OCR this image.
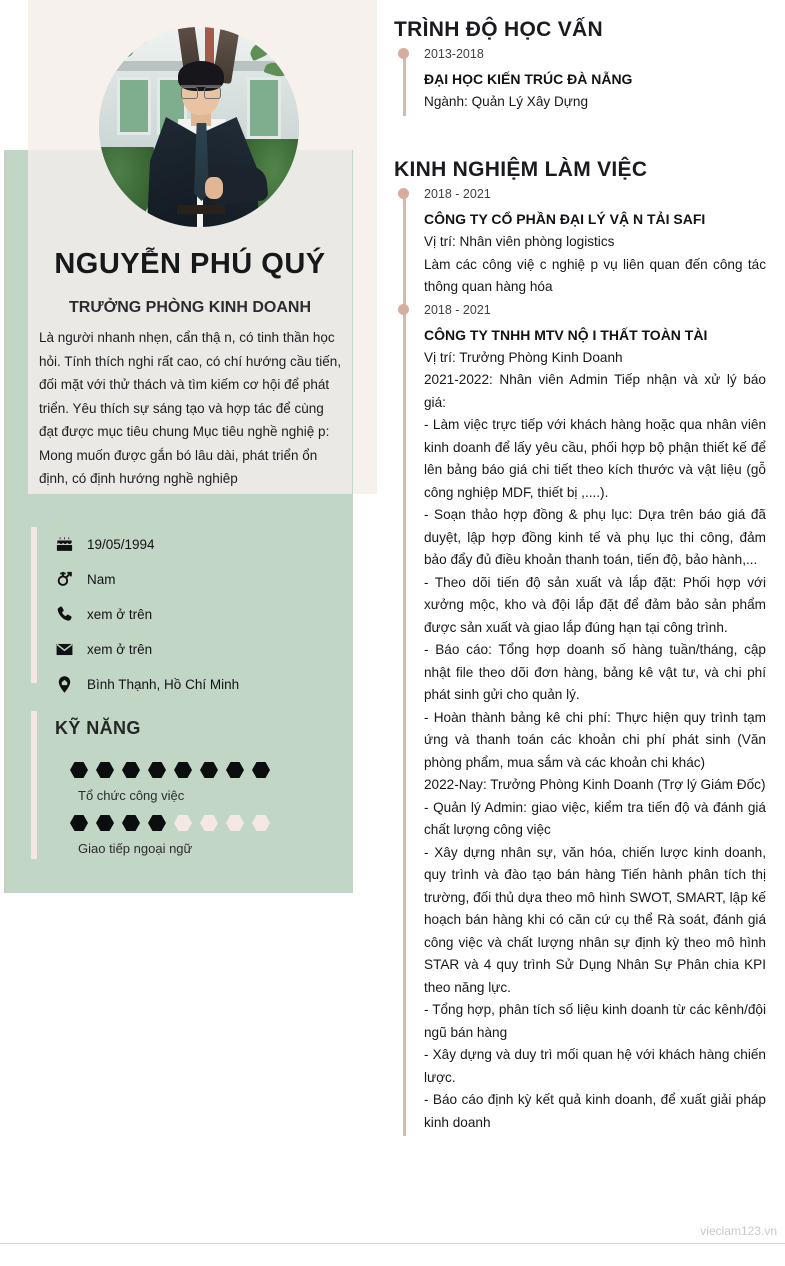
NGUYỄN PHÚ QUÝ
TRƯỞNG PHÒNG KINH DOANH
Là người nhanh nhẹn, cẩn thậ n, có tinh thần học hỏi. Tính thích nghi rất cao, có chí hướng cầu tiến, đối mặt với thử thách và tìm kiếm cơ hội để phát triển. Yêu thích sự sáng tạo và hợp tác để cùng đạt được mục tiêu chung Mục tiêu nghề nghiệ p: Mong muốn được gắn bó lâu dài, phát triển ổn định, có định hướng nghề nghiêp
19/05/1994
Nam
xem ở trên
xem ở trên
Bình Thạnh, Hồ Chí Minh
KỸ NĂNG
Tổ chức công việc
Giao tiếp ngoại ngữ
TRÌNH ĐỘ HỌC VẤN
2013-2018
ĐẠI HỌC KIẾN TRÚC ĐÀ NẴNG

Ngành: Quản Lý Xây Dựng

KINH NGHIỆM LÀM VIỆC
2018 - 2021
CÔNG TY CỔ PHẦN ĐẠI LÝ VẬ N TẢI SAFI

Vị trí: Nhân viên phòng logistics

Làm các công việ c nghiệ p vụ liên quan đến công tác thông quan hàng hóa

2018 - 2021
CÔNG TY TNHH MTV NỘ I THẤT TOÀN TÀI

Vị trí: Trưởng Phòng Kinh Doanh

2021-2022: Nhân viên Admin Tiếp nhận và xử lý báo giá:

- Làm việc trực tiếp với khách hàng hoặc qua nhân viên kinh doanh để lấy yêu cầu, phối hợp bộ phận thiết kế để lên bảng báo giá chi tiết theo kích thước và vật liệu (gỗ công nghiệp MDF, thiết bị ,....).

- Soạn thảo hợp đồng & phụ lục: Dựa trên báo giá đã duyệt, lập hợp đồng kinh tế và phụ lục thi công, đảm bảo đẩy đủ điều khoản thanh toán, tiến độ, bảo hành,...

- Theo dõi tiến độ sản xuất và lắp đặt: Phối hợp với xưởng mộc, kho và đội lắp đặt để đảm bảo sản phẩm được sản xuất và giao lắp đúng hạn tại công trình.

- Báo cáo: Tổng hợp doanh số hàng tuần/tháng, cập nhật file theo dõi đơn hàng, bảng kê vật tư, và chi phí phát sinh gửi cho quản lý.

- Hoàn thành bảng kê chi phí: Thực hiện quy trình tạm ứng và thanh toán các khoản chi phí phát sinh (Văn phòng phẩm, mua sắm và các khoản chi khác)

2022-Nay: Trưởng Phòng Kinh Doanh (Trợ lý Giám Đốc)

- Quản lý Admin: giao việc, kiểm tra tiến độ và đánh giá chất lượng công việc

- Xây dựng nhân sự, văn hóa, chiến lược kinh doanh, quy trình và đào tạo bán hàng Tiến hành phân tích thị trường, đối thủ dựa theo mô hình SWOT, SMART, lập kế hoạch bán hàng khi có căn cứ cụ thể Rà soát, đánh giá công việc và chất lượng nhân sự định kỳ theo mô hình STAR và 4 quy trình Sử Dụng Nhân Sự Phân chia KPI theo năng lực.

- Tổng hợp, phân tích số liệu kinh doanh từ các kênh/đội ngũ bán hàng

- Xây dựng và duy trì mối quan hệ với khách hàng chiến lược.

- Báo cáo định kỳ kết quả kinh doanh, để xuất giải pháp kinh doanh

vieclam123.vn
